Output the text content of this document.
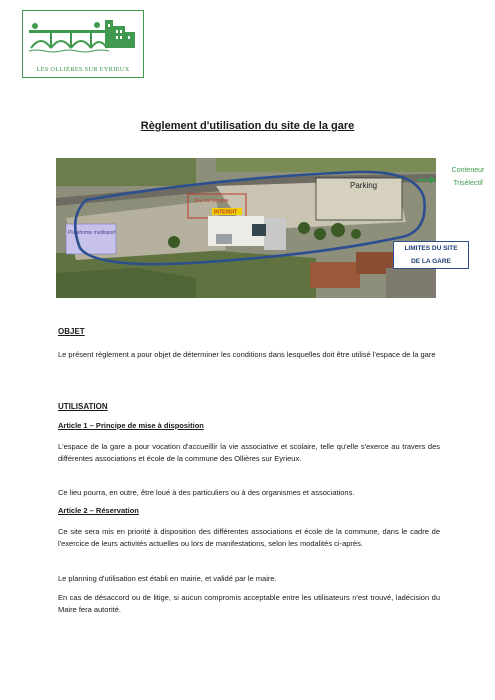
LES OLLIÈRES SUR EYRIEUX
Règlement d'utilisation du site de la gare
Parking
Jeu de longue
INTERDIT
Plateforme multisport
Conteneur
Trisélectif
LIMITES DU SITE
DE LA GARE
OBJET
Le présent règlement a pour objet de déterminer les conditions dans lesquelles doit être utilisé l'espace de la gare
UTILISATION
Article 1 – Principe de mise à disposition
L'espace de la gare a pour vocation d'accueillir la vie associative et scolaire, telle qu'elle s'exerce au travers des différentes associations et école de la commune des Ollières sur Eyrieux.
Ce lieu pourra, en outre, être loué à des particuliers ou à des organismes et associations.
Article 2 – Réservation
Ce site sera mis en priorité à disposition des différentes associations et école de la commune, dans le cadre de l'exercice de leurs activités actuelles ou lors de manifestations, selon les modalités ci-après.
Le planning d'utilisation est établi en mairie, et validé par le maire.
En cas de désaccord ou de litige, si aucun compromis acceptable entre les utilisateurs n'est trouvé, ladécision du Maire fera autorité.
